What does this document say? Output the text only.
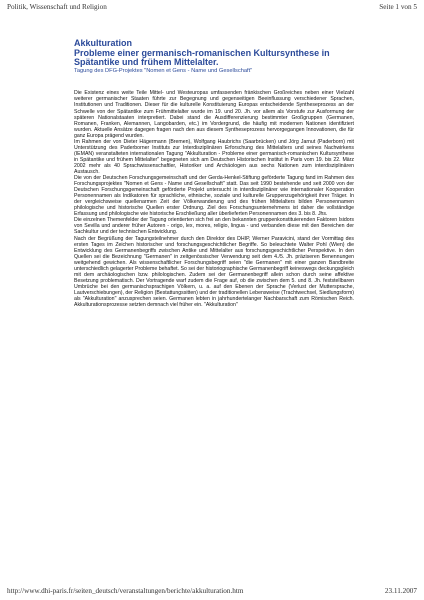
Politik, Wissenschaft und Religion	Seite 1 von 5
Akkulturation
Probleme einer germanisch-romanischen Kultursynthese in Spätantike und frühem Mittelalter.

Tagung des DFG-Projektes "Nomen et Gens - Name und Gesellschaft"

Die Existenz eines weite Teile Mittel- und Westeuropas umfassenden fränkischen Großreiches neben einer Vielzahl weiterer germanischer Staaten führte zur Begegnung und gegenseitigen Beeinflussung verschiedener Sprachen, Institutionen und Traditionen. Dieser für die kulturelle Konstituierung Europas entscheidende Syntheseprozess an der Schwelle von der Spätantike zum Frühmittelalter wurde im 19. und 20. Jh. vor allem als Vorstufe zur Ausformung der späteren Nationalstaaten interpretiert. Dabei stand die Ausdifferenzierung bestimmter Großgruppen (Germanen, Romanen, Franken, Alemannen, Langobarden, etc.) im Vordergrund, die häufig mit modernen Nationen identifiziert wurden. Aktuelle Ansätze dagegen fragen nach den aus diesem Syntheseprozess hervorgegangen Innovationen, die für ganz Europa prägend wurden.

Im Rahmen der von Dieter Hägermann (Bremen), Wolfgang Haubrichs (Saarbrücken) und Jörg Jarnut (Paderborn) mit Unterstützung des Paderborner Instituts zur Interdisziplinären Erforschung des Mittelalters und seines Nachwirkens (IEMAN) veranstalteten internationalen Tagung "Akkulturation - Probleme einer germanisch-romanischen Kultursynthese in Spätantike und frühem Mittelalter" begegneten sich am Deutschen Historischen Institut in Paris vom 19. bis 22. März 2002 mehr als 40 Sprachwissenschaftler, Historiker und Archäologen aus sechs Nationen zum interdisziplinären Austausch.

Die von der Deutschen Forschungsgemeinschaft und der Gerda-Henkel-Stiftung geförderte Tagung fand im Rahmen des Forschungsprojektes "Nomen et Gens - Name und Gesellschaft" statt. Das seit 1990 bestehende und seit 2000 von der Deutschen Forschungsgemeinschaft geförderte Projekt untersucht in interdisziplinärer wie internationaler Kooperation Personennamen als Indikatoren für sprachliche, ethnische, soziale und kulturelle Gruppenzugehörigkeit ihrer Träger. In der vergleichsweise quellenarmen Zeit der Völkerwanderung und des frühen Mittelalters bilden Personennamen philologische und historische Quellen erster Ordnung. Ziel des Forschungsunternehmens ist daher die vollständige Erfassung und philologische wie historische Erschließung aller überlieferten Personennamen des 3. bis 8. Jhs.

Die einzelnen Themenfelder der Tagung orientierten sich frei an den bekannten gruppenkonstituierenden Faktoren Isidors von Sevilla und anderer früher Autoren - origo, lex, mores, religio, lingua - und verbanden diese mit den Bereichen der Sachkultur und der technischen Entwicklung.

Nach der Begrüßung der Tagungsteilnehmer durch den Direktor des DHIP, Werner Paravicini, stand der Vormittag des ersten Tages im Zeichen historischer und forschungsgeschichtlicher Begriffe. So beleuchtete Walter Pohl (Wien) die Entwicklung des Germanenbegriffs zwischen Antike und Mittelalter aus forschungsgeschichtlicher Perspektive. In den Quellen sei die Bezeichnung "Germanen" in zeitgenössischer Verwendung seit dem 4./5. Jh. präziseren Benennungen weitgehend gewichen. Als wissenschaftlicher Forschungsbegriff seien "die Germanen" mit einer ganzen Bandbreite unterschiedlich gelagerter Probleme behaftet. So sei der historiographische Germanenbegriff keineswegs deckungsgleich mit dem archäologischen bzw. philologischen. Zudem sei der Germanenbegriff allein schon durch seine affektive Besetzung problematisch. Der Vortragende warf zudem die Frage auf, ob die zwischen dem 5. und 8. Jh. feststellbaren Umbrüche bei den germanischsprachigen Völkern, u. a. auf den Ebenen der Sprache (Verlust der Muttersprache, Lautverschiebungen), der Religion (Bestattungssitten) und der traditionellen Lebensweise (Trachtwechsel, Siedlungsform) als "Akkulturation" anzusprechen seien. Germanen lebten in jahrhundertelanger Nachbarschaft zum Römischen Reich. Akkulturationsprozesse setzten demnach viel früher ein. "Akkulturation"

http://www.dhi-paris.fr/seiten_deutsch/veranstaltungen/berichte/akkulturation.htm	23.11.2007
